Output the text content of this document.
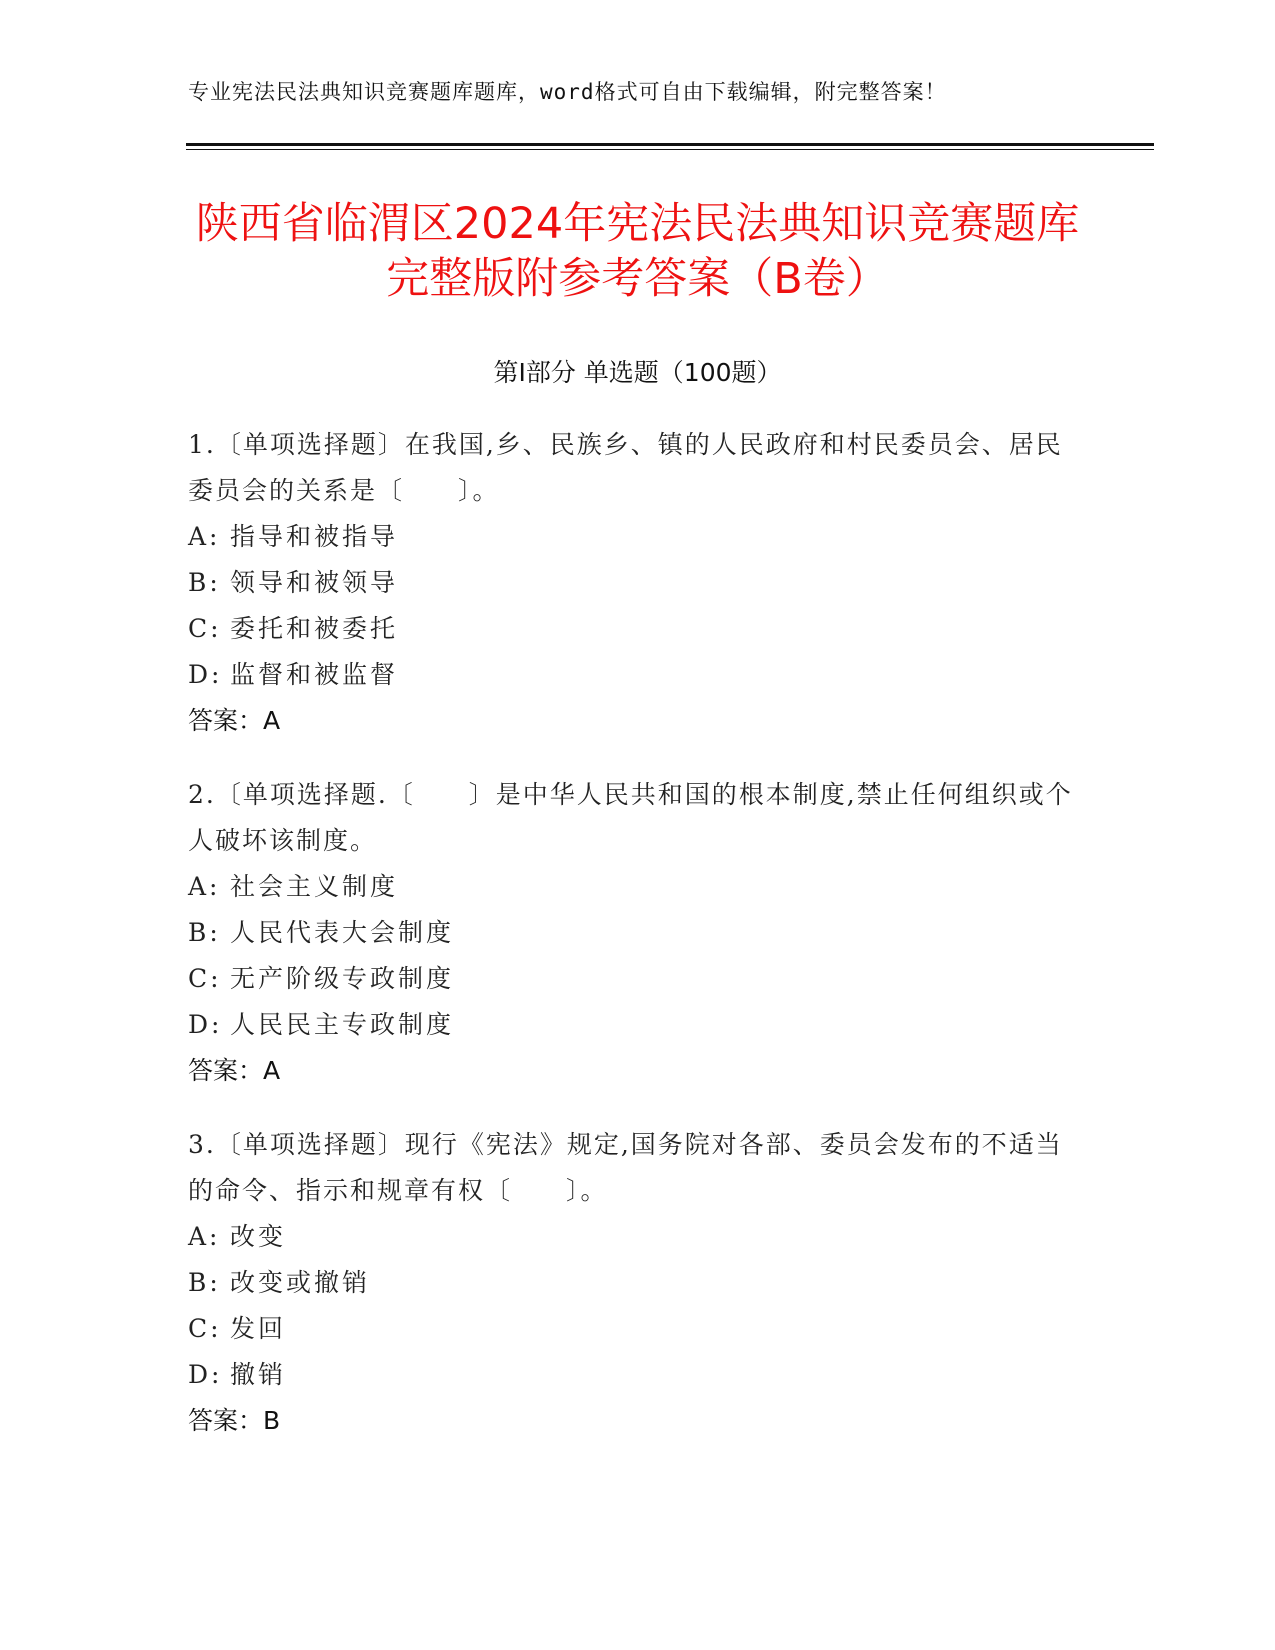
专业宪法民法典知识竞赛题库题库，word格式可自由下载编辑，附完整答案！
陕西省临渭区2024年宪法民法典知识竞赛题库完整版附参考答案（B卷）
第Ⅰ部分 单选题（100题）
1.〔单项选择题〕在我国,乡、民族乡、镇的人民政府和村民委员会、居民委员会的关系是〔　　〕。
A: 指导和被指导
B: 领导和被领导
C: 委托和被委托
D: 监督和被监督
答案：A
2.〔单项选择题.〔　　〕是中华人民共和国的根本制度,禁止任何组织或个人破坏该制度。
A: 社会主义制度
B: 人民代表大会制度
C: 无产阶级专政制度
D: 人民民主专政制度
答案：A
3.〔单项选择题〕现行《宪法》规定,国务院对各部、委员会发布的不适当的命令、指示和规章有权〔　　〕。
A: 改变
B: 改变或撤销
C: 发回
D: 撤销
答案：B
